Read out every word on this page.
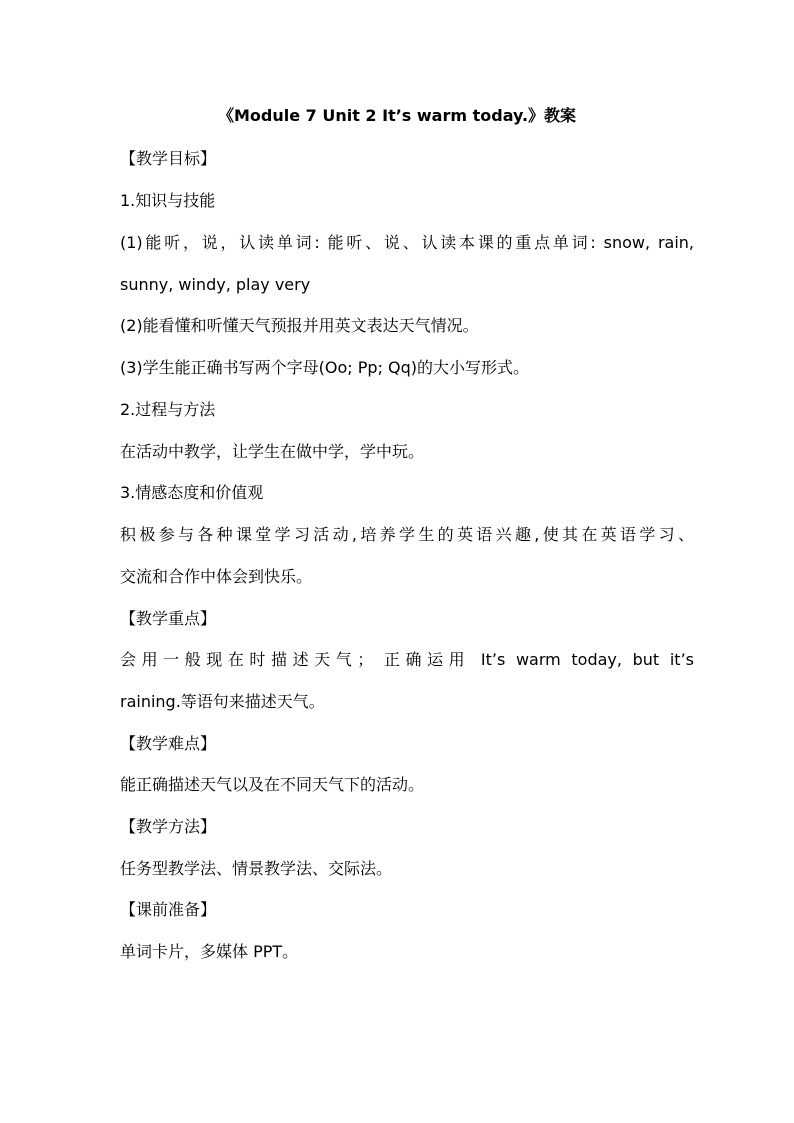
《Module 7 Unit 2 It’s warm today.》教案
【教学目标】
1.知识与技能
(1)能听，说，认读单词: 能听、说、认读本课的重点单词: snow, rain,
sunny, windy, play very
(2)能看懂和听懂天气预报并用英文表达天气情况。
(3)学生能正确书写两个字母(Oo; Pp; Qq)的大小写形式。
2.过程与方法
在活动中教学，让学生在做中学，学中玩。
3.情感态度和价值观
积极参与各种课堂学习活动,培养学生的英语兴趣,使其在英语学习、
交流和合作中体会到快乐。
【教学重点】
会用一般现在时描述天气； 正确运用 It’s warm today, but it’s
raining.等语句来描述天气。
【教学难点】
能正确描述天气以及在不同天气下的活动。
【教学方法】
任务型教学法、情景教学法、交际法。
【课前准备】
单词卡片，多媒体 PPT。
